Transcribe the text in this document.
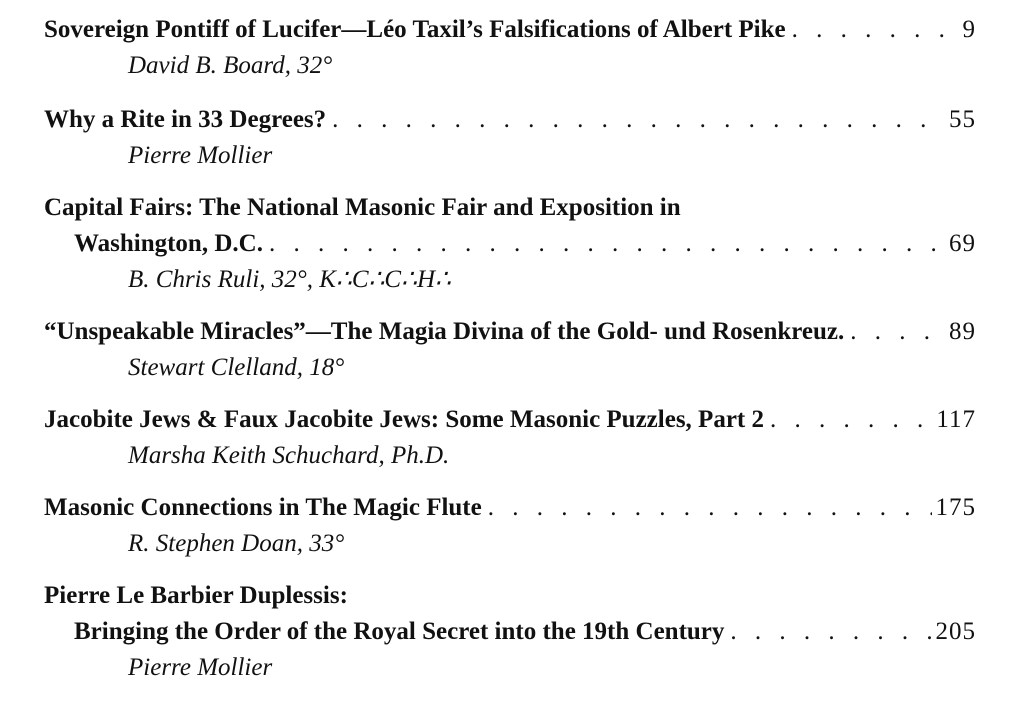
Sovereign Pontiff of Lucifer—Léo Taxil’s Falsifications of Albert Pike . . .	9
David B. Board, 32°
Why a Rite in 33 Degrees? . . .	55
Pierre Mollier
Capital Fairs: The National Masonic Fair and Exposition in
Washington, D.C. . . .	69
B. Chris Ruli, 32°, K∴C∴C∴H∴
“Unspeakable Miracles”—The Magia Divina of the Gold- und Rosenkreuz. . . .	89
Stewart Clelland, 18°
Jacobite Jews & Faux Jacobite Jews: Some Masonic Puzzles, Part 2 . . .	117
Marsha Keith Schuchard, Ph.D.
Masonic Connections in The Magic Flute . . .	175
R. Stephen Doan, 33°
Pierre Le Barbier Duplessis:
Bringing the Order of the Royal Secret into the 19th Century . . .	205
Pierre Mollier
